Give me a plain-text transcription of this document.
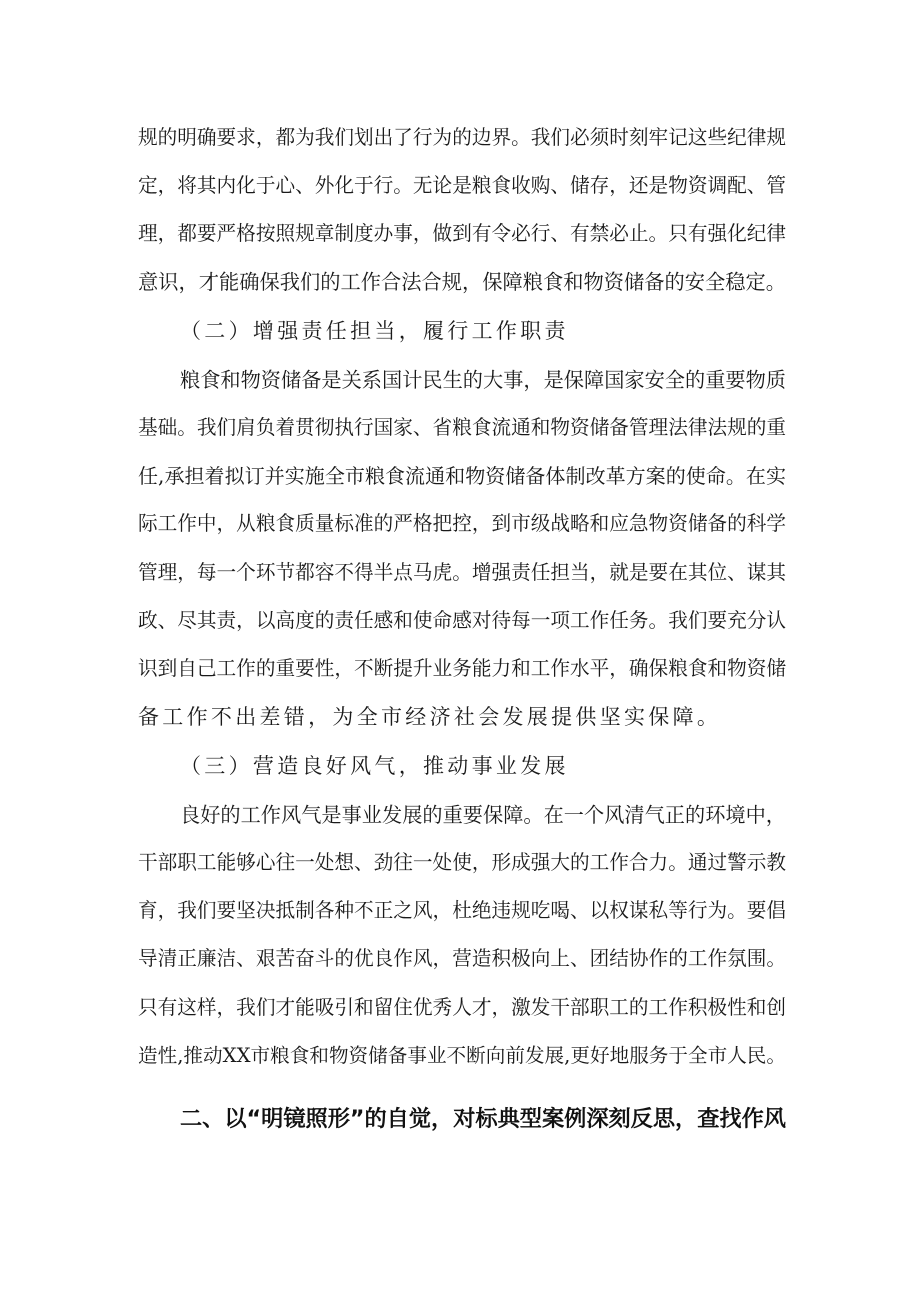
规的明确要求，都为我们划出了行为的边界。我们必须时刻牢记这些纪律规
定，将其内化于心、外化于行。无论是粮食收购、储存，还是物资调配、管
理，都要严格按照规章制度办事，做到有令必行、有禁必止。只有强化纪律
意识，才能确保我们的工作合法合规，保障粮食和物资储备的安全稳定。
（二）增强责任担当，履行工作职责
粮食和物资储备是关系国计民生的大事，是保障国家安全的重要物质
基础。我们肩负着贯彻执行国家、省粮食流通和物资储备管理法律法规的重
任,承担着拟订并实施全市粮食流通和物资储备体制改革方案的使命。在实
际工作中，从粮食质量标准的严格把控，到市级战略和应急物资储备的科学
管理，每一个环节都容不得半点马虎。增强责任担当，就是要在其位、谋其
政、尽其责，以高度的责任感和使命感对待每一项工作任务。我们要充分认
识到自己工作的重要性，不断提升业务能力和工作水平，确保粮食和物资储
备工作不出差错，为全市经济社会发展提供坚实保障。
（三）营造良好风气，推动事业发展
良好的工作风气是事业发展的重要保障。在一个风清气正的环境中，
干部职工能够心往一处想、劲往一处使，形成强大的工作合力。通过警示教
育，我们要坚决抵制各种不正之风，杜绝违规吃喝、以权谋私等行为。要倡
导清正廉洁、艰苦奋斗的优良作风，营造积极向上、团结协作的工作氛围。
只有这样，我们才能吸引和留住优秀人才，激发干部职工的工作积极性和创
造性,推动XX市粮食和物资储备事业不断向前发展,更好地服务于全市人民。
二、以“明镜照形”的自觉，对标典型案例深刻反思，查找作风
